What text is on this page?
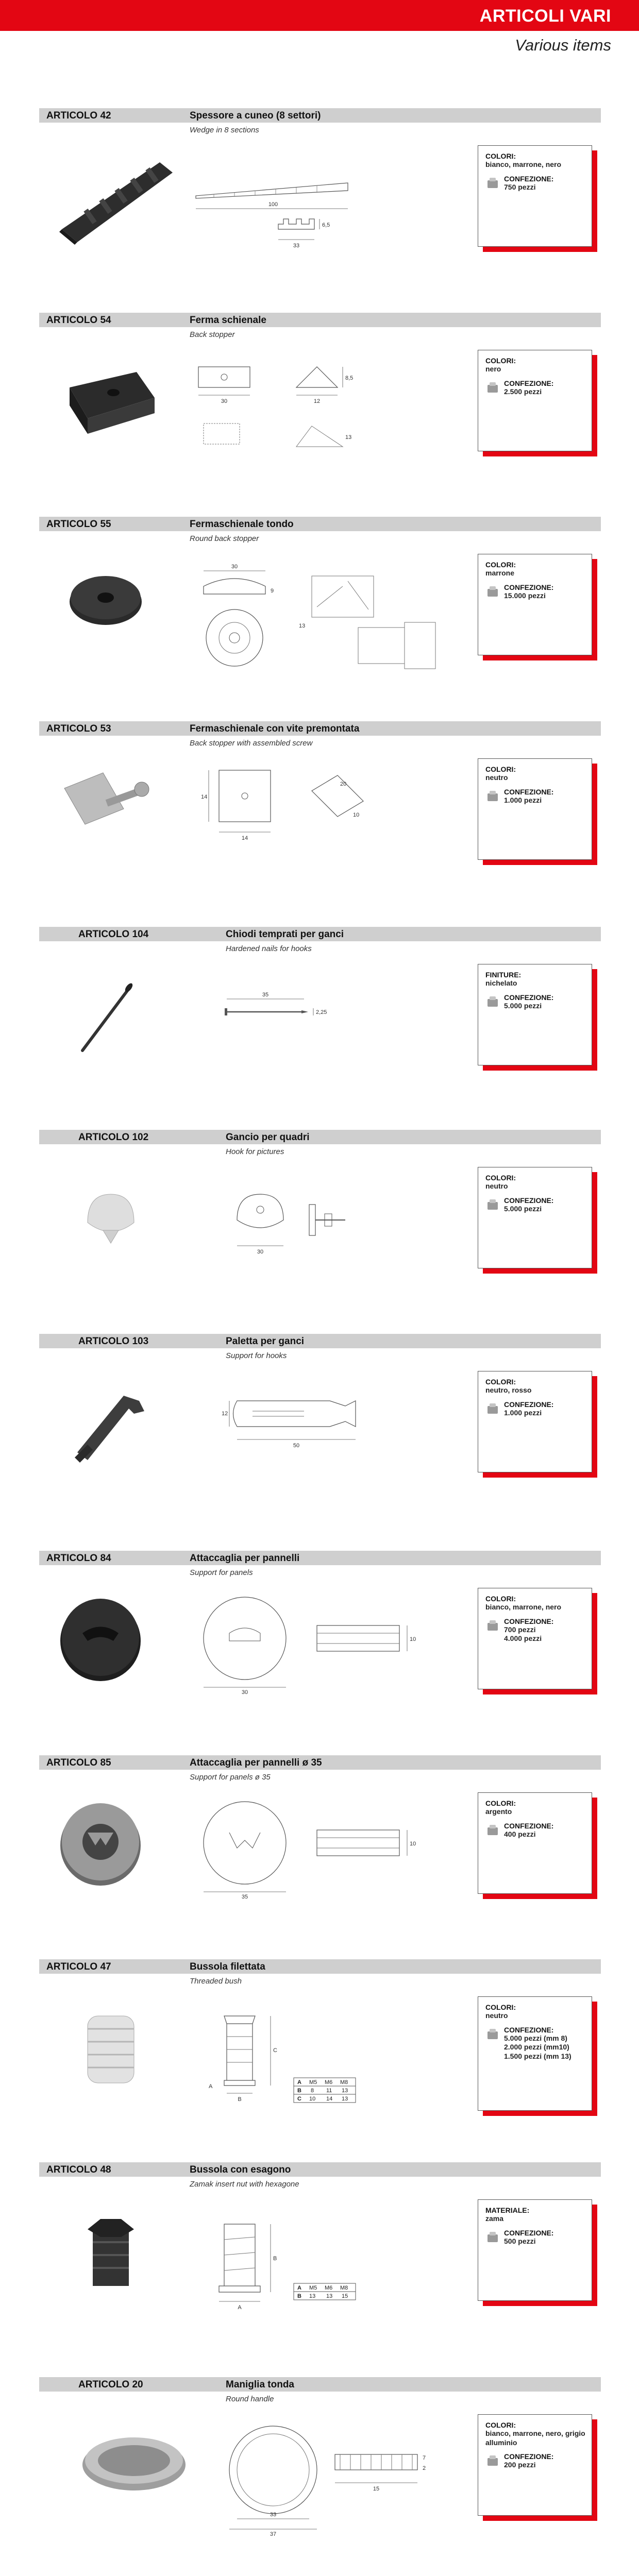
ARTICOLI VARI
Various items
ARTICOLO 42	Spessore a cuneo (8 settori)
Wedge in 8 sections
100
6,5
33
COLORI:
bianco, marrone, nero
CONFEZIONE:
750 pezzi
ARTICOLO 54	Ferma schienale
Back stopper
30
8,5
12
13
COLORI:
nero
CONFEZIONE:
2.500 pezzi
ARTICOLO 55	Fermaschienale tondo
Round back stopper
30
9
13
COLORI:
marrone
CONFEZIONE:
15.000 pezzi
ARTICOLO 53	Fermaschienale con vite premontata
Back stopper with assembled screw
14
14
20
10
COLORI:
neutro
CONFEZIONE:
1.000 pezzi
ARTICOLO 104	Chiodi temprati per ganci
Hardened nails for hooks
35
2,25
FINITURE:
nichelato
CONFEZIONE:
5.000 pezzi
ARTICOLO 102	Gancio per quadri
Hook for pictures
30
COLORI:
neutro
CONFEZIONE:
5.000 pezzi
ARTICOLO 103	Paletta per ganci
Support for hooks
12
50
COLORI:
neutro, rosso
CONFEZIONE:
1.000 pezzi
ARTICOLO 84	Attaccaglia per pannelli
Support for panels
30
10
COLORI:
bianco, marrone, nero
CONFEZIONE:
700 pezzi
4.000 pezzi
ARTICOLO 85	Attaccaglia per pannelli ø 35
Support for panels ø 35
35
10
COLORI:
argento
CONFEZIONE:
400 pezzi
ARTICOLO 47	Bussola filettata
Threaded bush
C
B
A
A M5 M6 M8
B 8 11 13
C 10 14 13
COLORI:
neutro
CONFEZIONE:
5.000 pezzi (mm 8)
2.000 pezzi (mm10)
1.500 pezzi (mm 13)
ARTICOLO 48	Bussola con esagono
Zamak insert nut with hexagone
B
A
A M5 M6 M8
B 13 13 15
MATERIALE:
zama
CONFEZIONE:
500 pezzi
ARTICOLO 20	Maniglia tonda
Round handle
33
37
7
2
15
COLORI:
bianco, marrone, nero, grigio alluminio
CONFEZIONE:
200 pezzi
